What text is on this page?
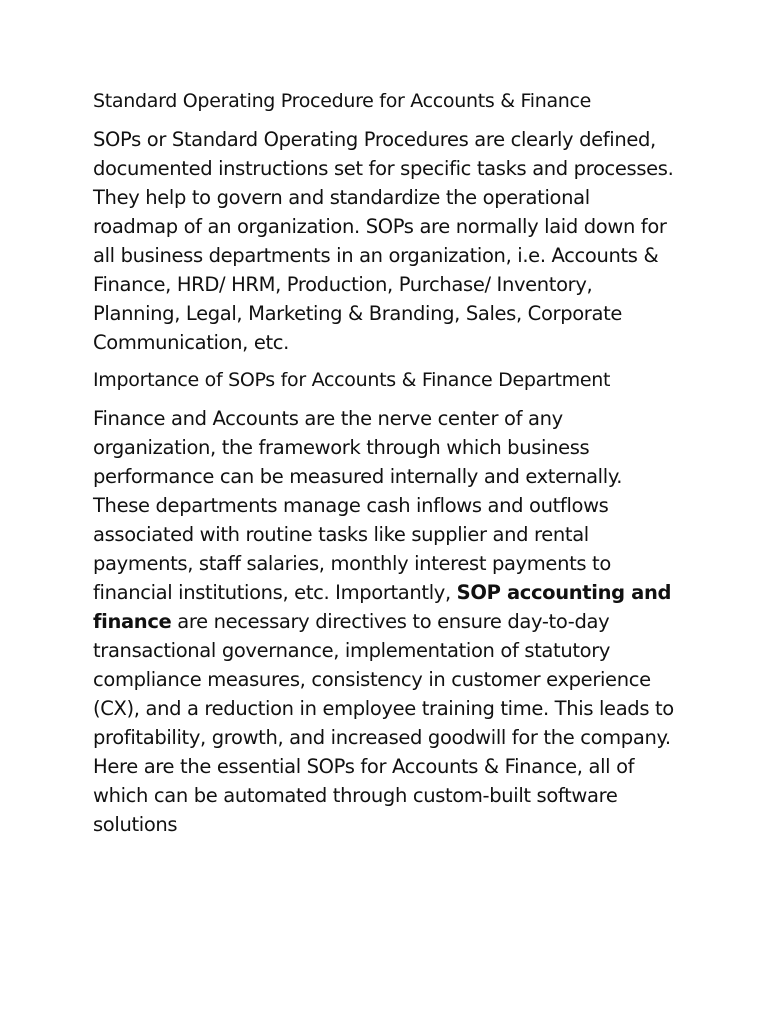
Standard Operating Procedure for Accounts & Finance
SOPs or Standard Operating Procedures are clearly defined,
documented instructions set for specific tasks and processes.
They help to govern and standardize the operational
roadmap of an organization. SOPs are normally laid down for
all business departments in an organization, i.e. Accounts &
Finance, HRD/ HRM, Production, Purchase/ Inventory,
Planning, Legal, Marketing & Branding, Sales, Corporate
Communication, etc.
Importance of SOPs for Accounts & Finance Department
Finance and Accounts are the nerve center of any
organization, the framework through which business
performance can be measured internally and externally.
These departments manage cash inflows and outflows
associated with routine tasks like supplier and rental
payments, staff salaries, monthly interest payments to
financial institutions, etc. Importantly, SOP accounting and
finance are necessary directives to ensure day-to-day
transactional governance, implementation of statutory
compliance measures, consistency in customer experience
(CX), and a reduction in employee training time. This leads to
profitability, growth, and increased goodwill for the company.
Here are the essential SOPs for Accounts & Finance, all of
which can be automated through custom-built software
solutions
